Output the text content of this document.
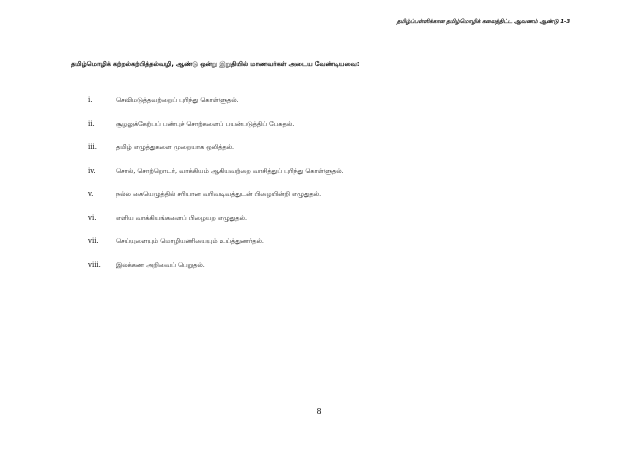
தமிழ்ப்பள்ளிக்கான தமிழ்மொழிக் கலைத்திட்ட ஆவணம் ஆண்டு 1-3
தமிழ்மொழிக் கற்றல்கற்பித்தல்வழி, ஆண்டு ஒன்று இறுதியில் மாணவர்கள் அடைய வேண்டியவை:
i.	செவிமடுத்தவற்றைப் புரிந்து கொள்ளுதல்.
ii.	சூழலுக்கேற்பப் பண்புச் சொற்களைப் பயன்படுத்திப் பேசுதல்.
iii.	தமிழ் எழுத்துகளை முறையாக ஒலித்தல்.
iv.	சொல், சொற்றொடர், வாக்கியம் ஆகியவற்றை வாசித்துப் புரிந்து கொள்ளுதல்.
v.	நல்ல கையெழுத்தில் சரியான வரிவடிவத்துடன் பிழையின்றி எழுதுதல்.
vi.	எளிய வாக்கியங்களைப் பிழையற எழுதுதல்.
vii.	செய்யுளையும் மொழியணியையும் உய்த்துணர்தல்.
viii.	இலக்கண அறிவைப் பெறுதல்.
8
